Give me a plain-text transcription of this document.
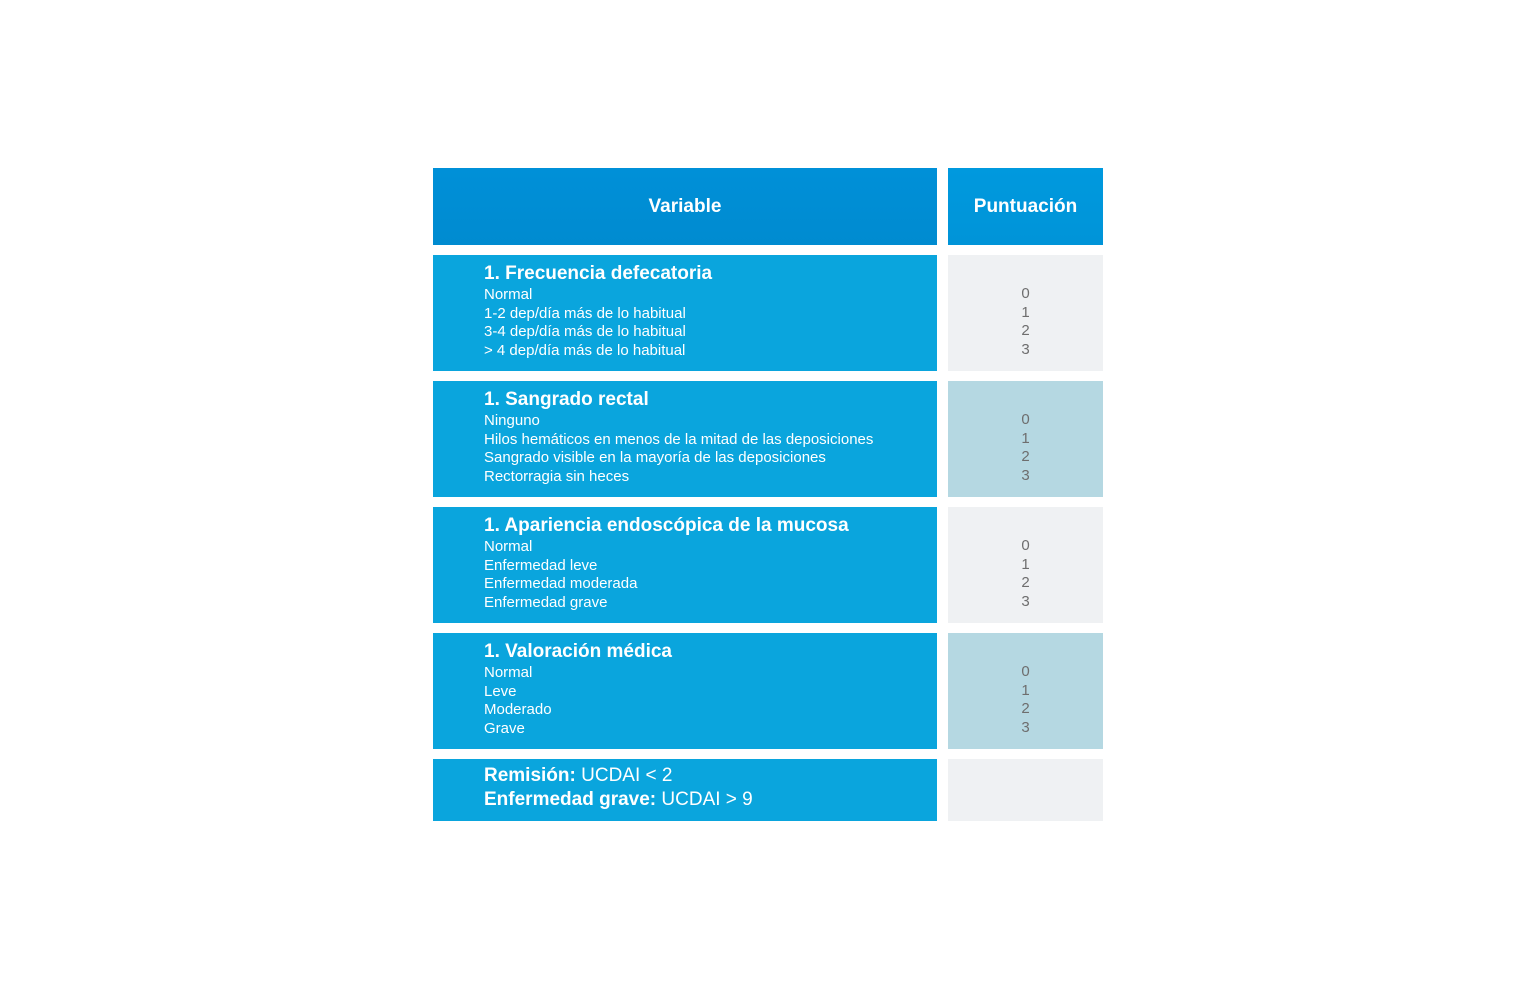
Variable	Puntuación
1. Frecuencia defecatoria
Normal
1-2 dep/día más de lo habitual
3-4 dep/día más de lo habitual
> 4 dep/día más de lo habitual
0
1
2
3
1. Sangrado rectal
Ninguno
Hilos hemáticos en menos de la mitad de las deposiciones
Sangrado visible en la mayoría de las deposiciones
Rectorragia sin heces
0
1
2
3
1. Apariencia endoscópica de la mucosa
Normal
Enfermedad leve
Enfermedad moderada
Enfermedad grave
0
1
2
3
1. Valoración médica
Normal
Leve
Moderado
Grave
0
1
2
3
Remisión: UCDAI < 2
Enfermedad grave: UCDAI > 9
